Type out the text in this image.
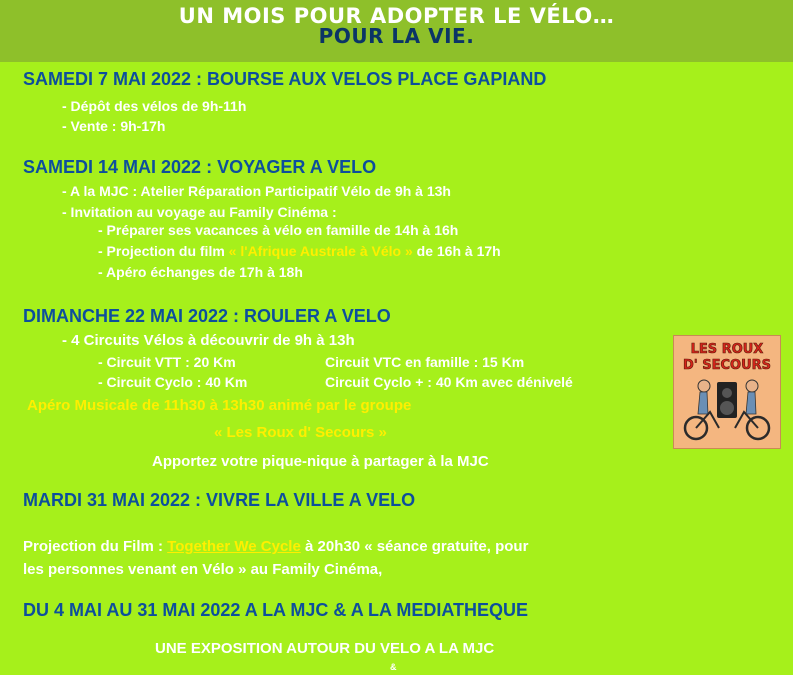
UN MOIS POUR ADOPTER LE VÉLO…
POUR LA VIE.
SAMEDI 7 MAI 2022 : BOURSE AUX VELOS PLACE GAPIAND
- Dépôt des vélos de 9h-11h
- Vente : 9h-17h
SAMEDI 14 MAI 2022 : VOYAGER A VELO
- A la MJC : Atelier Réparation Participatif Vélo de 9h à 13h
- Invitation au voyage au Family Cinéma :
- Préparer ses vacances à vélo en famille de 14h à 16h
- Projection du film « l'Afrique Australe à Vélo » de 16h à 17h
- Apéro échanges de 17h à 18h
DIMANCHE 22 MAI 2022 : ROULER A VELO
- 4 Circuits Vélos à découvrir de 9h à 13h
- Circuit VTT : 20 Km	Circuit VTC en famille : 15 Km
- Circuit Cyclo : 40 Km	Circuit Cyclo + : 40 Km avec dénivelé
Apéro Musicale de 11h30 à 13h30 animé par le groupe
« Les Roux d' Secours »
Apportez votre pique-nique à partager à la MJC
LES ROUX
D' SECOURS
MARDI 31 MAI 2022 : VIVRE LA VILLE A VELO
Projection du Film : Together We Cycle à 20h30 « séance gratuite, pour
les personnes venant en Vélo » au Family Cinéma,
DU 4 MAI AU 31 MAI 2022 A LA MJC & A LA MEDIATHEQUE
UNE EXPOSITION AUTOUR DU VELO A LA MJC
&
